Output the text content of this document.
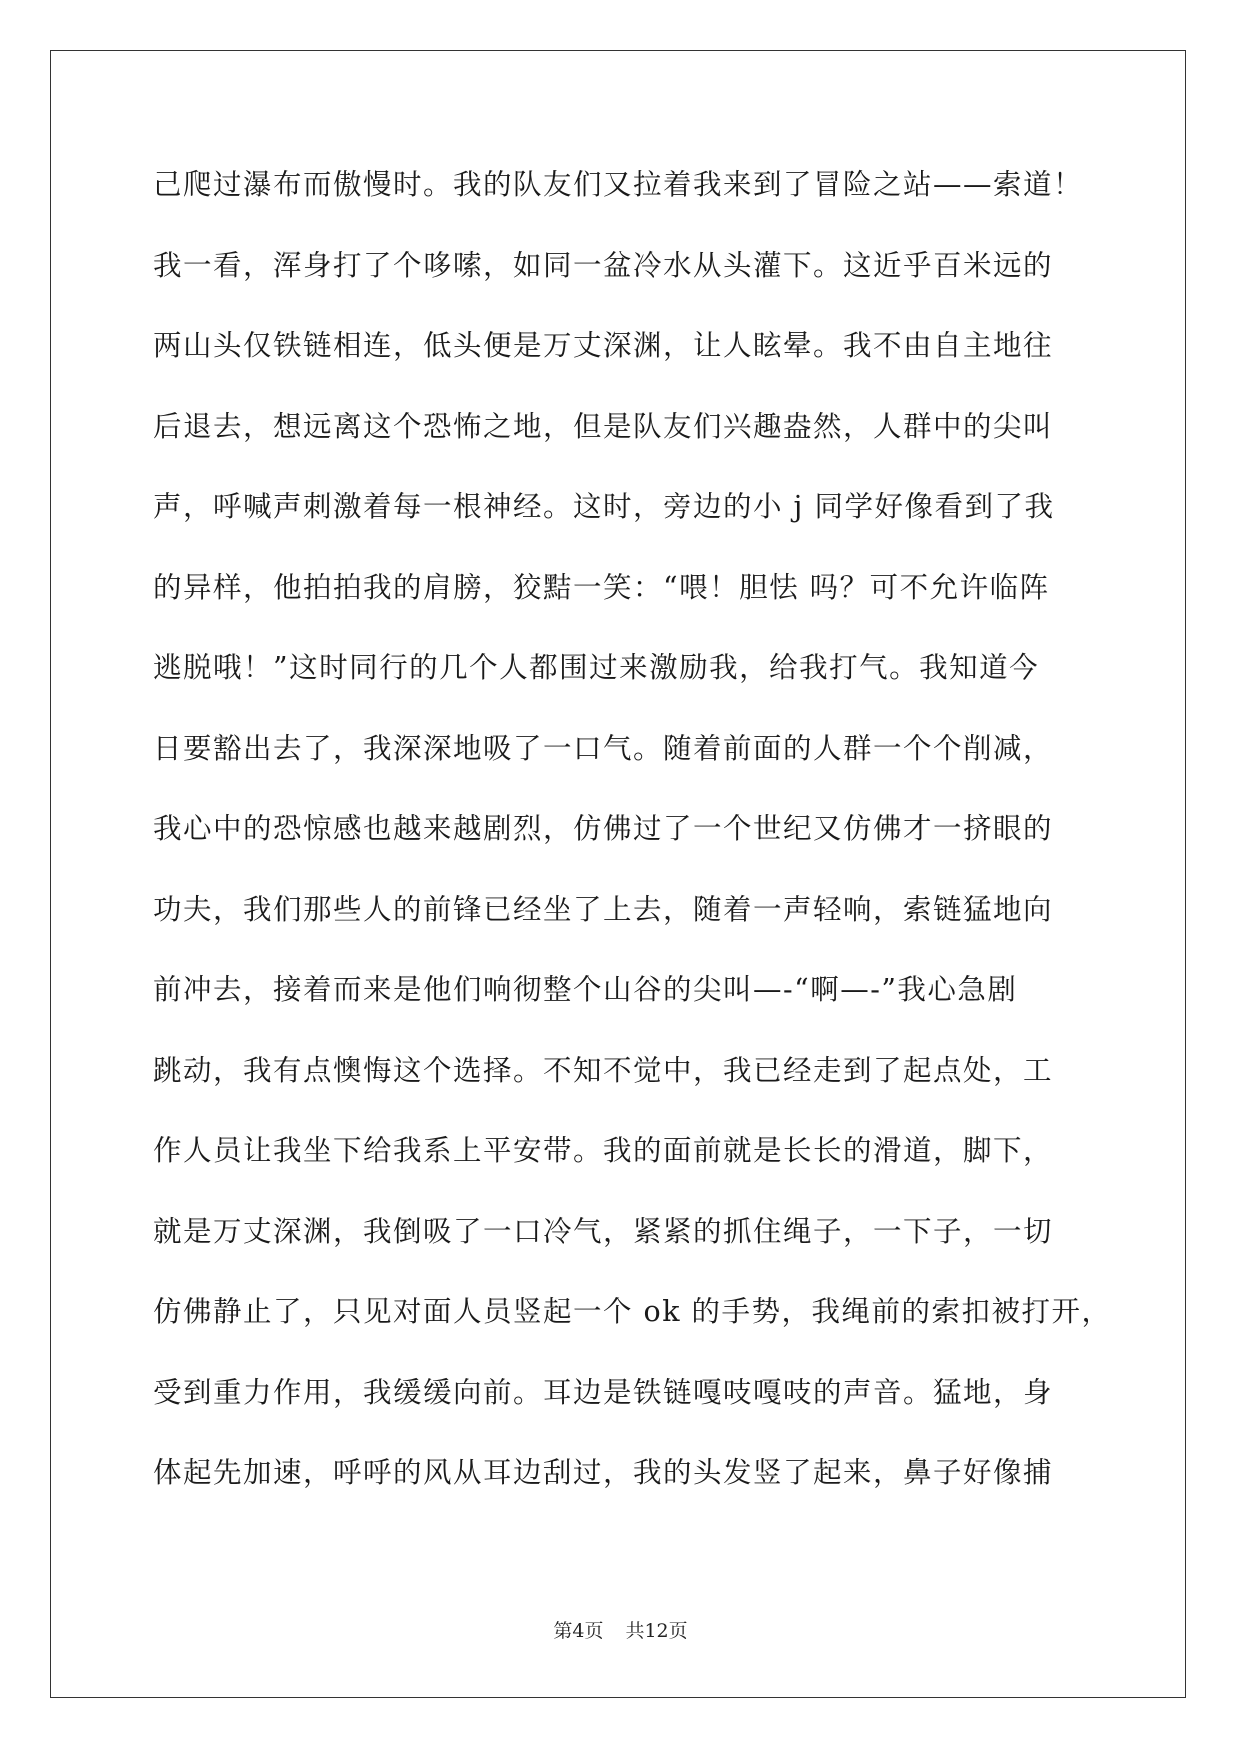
己爬过瀑布而傲慢时。我的队友们又拉着我来到了冒险之站——索道！
我一看，浑身打了个哆嗦，如同一盆冷水从头灌下。这近乎百米远的
两山头仅铁链相连，低头便是万丈深渊，让人眩晕。我不由自主地往
后退去，想远离这个恐怖之地，但是队友们兴趣盎然，人群中的尖叫
声，呼喊声刺激着每一根神经。这时，旁边的小 j 同学好像看到了我
的异样，他拍拍我的肩膀，狡黠一笑：“喂！胆怯 吗？可不允许临阵
逃脱哦！”这时同行的几个人都围过来激励我，给我打气。我知道今
日要豁出去了，我深深地吸了一口气。随着前面的人群一个个削减，
我心中的恐惊感也越来越剧烈，仿佛过了一个世纪又仿佛才一挤眼的
功夫，我们那些人的前锋已经坐了上去，随着一声轻响，索链猛地向
前冲去，接着而来是他们响彻整个山谷的尖叫—-“啊—-”我心急剧
跳动，我有点懊悔这个选择。不知不觉中，我已经走到了起点处，工
作人员让我坐下给我系上平安带。我的面前就是长长的滑道，脚下，
就是万丈深渊，我倒吸了一口冷气，紧紧的抓住绳子，一下子，一切
仿佛静止了，只见对面人员竖起一个 ok 的手势，我绳前的索扣被打开，
受到重力作用，我缓缓向前。耳边是铁链嘎吱嘎吱的声音。猛地，身
体起先加速，呼呼的风从耳边刮过，我的头发竖了起来，鼻子好像捕
第4页 共12页
